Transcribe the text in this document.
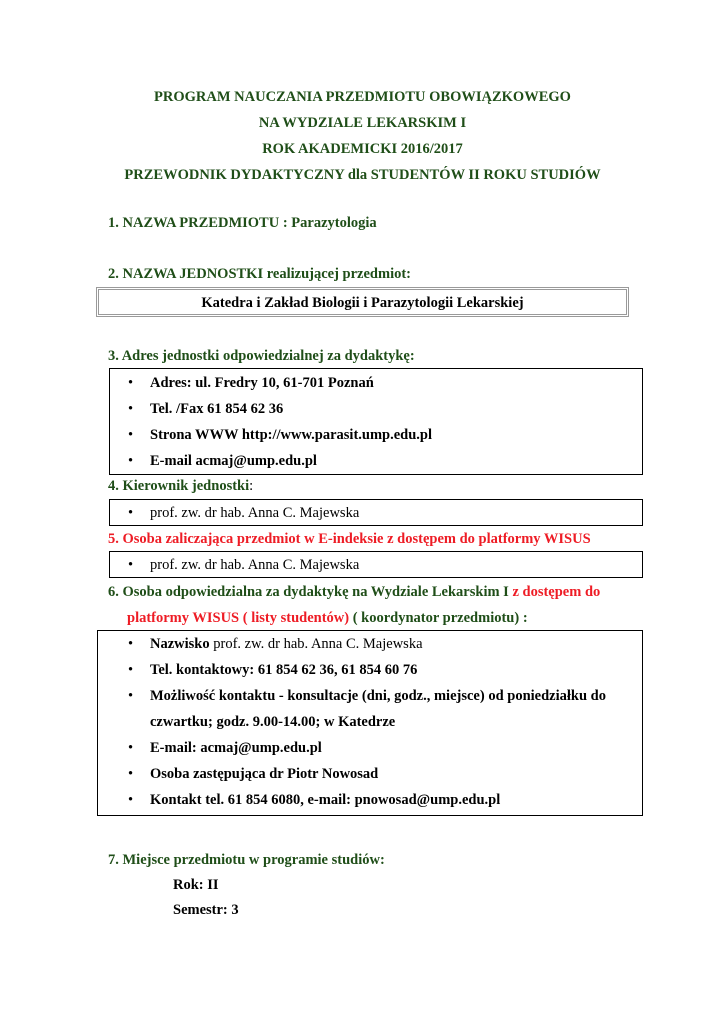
PROGRAM NAUCZANIA PRZEDMIOTU OBOWIĄZKOWEGO
NA WYDZIALE LEKARSKIM I
ROK AKADEMICKI 2016/2017
PRZEWODNIK DYDAKTYCZNY dla STUDENTÓW II ROKU STUDIÓW
1. NAZWA PRZEDMIOTU : Parazytologia
2. NAZWA JEDNOSTKI realizującej przedmiot:
Katedra i Zakład Biologii i Parazytologii Lekarskiej
3. Adres jednostki odpowiedzialnej za dydaktykę:
• Adres: ul. Fredry 10, 61-701 Poznań
• Tel. /Fax 61 854 62 36
• Strona WWW http://www.parasit.ump.edu.pl
• E-mail acmaj@ump.edu.pl
4. Kierownik jednostki:
• prof. zw. dr hab. Anna C. Majewska
5. Osoba zaliczająca przedmiot w E-indeksie z dostępem do platformy WISUS
• prof. zw. dr hab. Anna C. Majewska
6. Osoba odpowiedzialna za dydaktykę na Wydziale Lekarskim I z dostępem do
platformy WISUS ( listy studentów) ( koordynator przedmiotu) :
• Nazwisko prof. zw. dr hab. Anna C. Majewska
• Tel. kontaktowy: 61 854 62 36, 61 854 60 76
• Możliwość kontaktu - konsultacje (dni, godz., miejsce) od poniedziałku do
czwartku; godz. 9.00-14.00; w Katedrze
• E-mail: acmaj@ump.edu.pl
• Osoba zastępująca dr Piotr Nowosad
• Kontakt tel. 61 854 6080, e-mail: pnowosad@ump.edu.pl
7. Miejsce przedmiotu w programie studiów:
Rok: II
Semestr: 3
